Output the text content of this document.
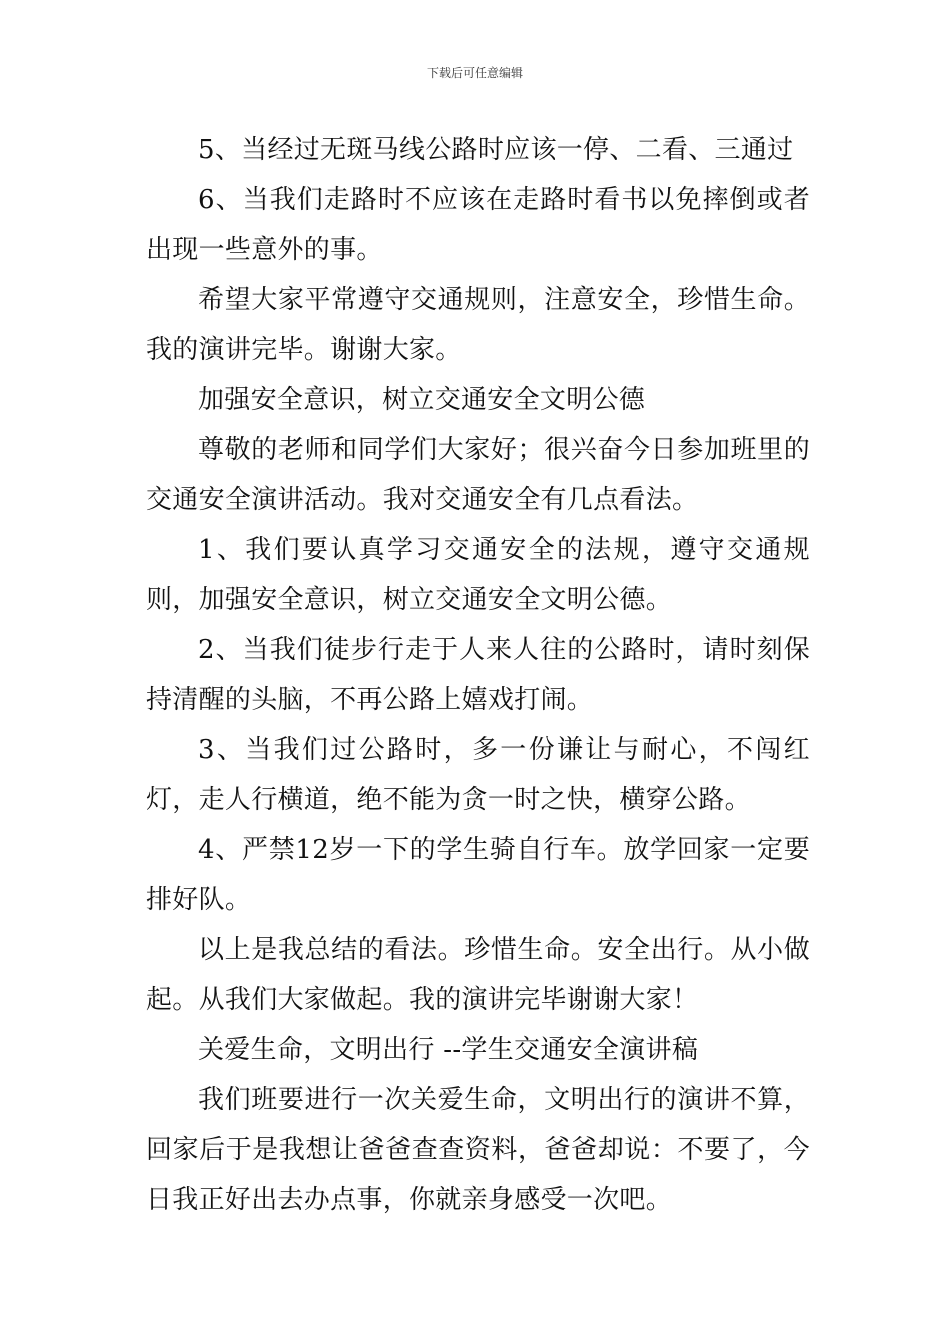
下载后可任意编辑

5、当经过无斑马线公路时应该一停、二看、三通过

6、当我们走路时不应该在走路时看书以免摔倒或者出现一些意外的事。

希望大家平常遵守交通规则，注意安全，珍惜生命。我的演讲完毕。谢谢大家。

加强安全意识，树立交通安全文明公德

尊敬的老师和同学们大家好；很兴奋今日参加班里的交通安全演讲活动。我对交通安全有几点看法。

1、我们要认真学习交通安全的法规，遵守交通规则，加强安全意识，树立交通安全文明公德。

2、当我们徒步行走于人来人往的公路时，请时刻保持清醒的头脑，不再公路上嬉戏打闹。

3、当我们过公路时，多一份谦让与耐心，不闯红灯，走人行横道，绝不能为贪一时之快，横穿公路。

4、严禁12岁一下的学生骑自行车。放学回家一定要排好队。

以上是我总结的看法。珍惜生命。安全出行。从小做起。从我们大家做起。我的演讲完毕谢谢大家！

关爱生命，文明出行 --学生交通安全演讲稿

我们班要进行一次关爱生命，文明出行的演讲不算，回家后于是我想让爸爸查查资料，爸爸却说：不要了，今日我正好出去办点事，你就亲身感受一次吧。
